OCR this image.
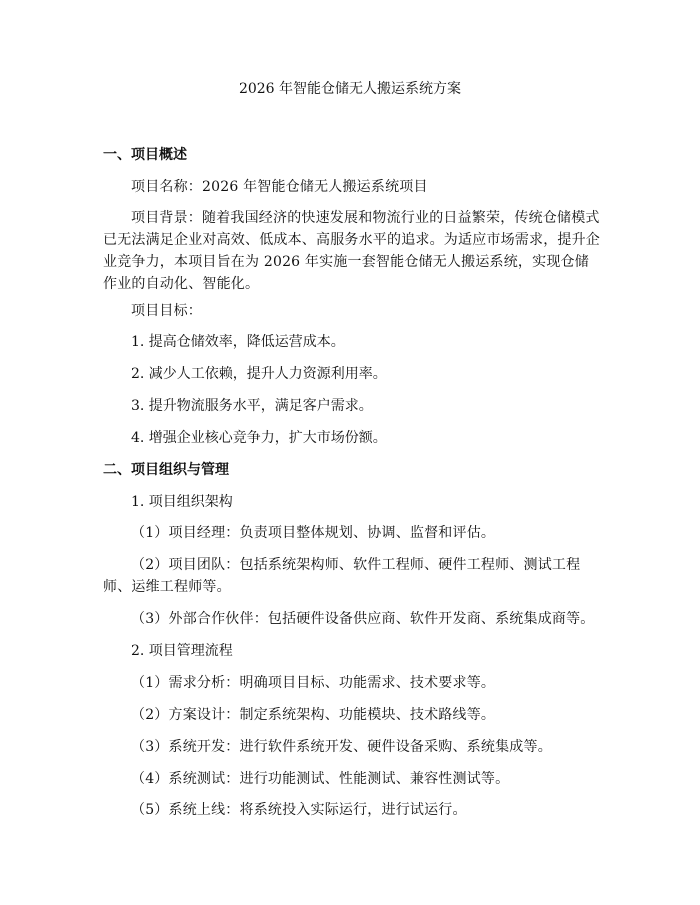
2026 年智能仓储无人搬运系统方案
一、项目概述
项目名称：2026 年智能仓储无人搬运系统项目
项目背景：随着我国经济的快速发展和物流行业的日益繁荣，传统仓储模式已无法满足企业对高效、低成本、高服务水平的追求。为适应市场需求，提升企业竞争力，本项目旨在为 2026 年实施一套智能仓储无人搬运系统，实现仓储作业的自动化、智能化。
项目目标：
1. 提高仓储效率，降低运营成本。
2. 减少人工依赖，提升人力资源利用率。
3. 提升物流服务水平，满足客户需求。
4. 增强企业核心竞争力，扩大市场份额。
二、项目组织与管理
1. 项目组织架构
（1）项目经理：负责项目整体规划、协调、监督和评估。
（2）项目团队：包括系统架构师、软件工程师、硬件工程师、测试工程师、运维工程师等。
（3）外部合作伙伴：包括硬件设备供应商、软件开发商、系统集成商等。
2. 项目管理流程
（1）需求分析：明确项目目标、功能需求、技术要求等。
（2）方案设计：制定系统架构、功能模块、技术路线等。
（3）系统开发：进行软件系统开发、硬件设备采购、系统集成等。
（4）系统测试：进行功能测试、性能测试、兼容性测试等。
（5）系统上线：将系统投入实际运行，进行试运行。
